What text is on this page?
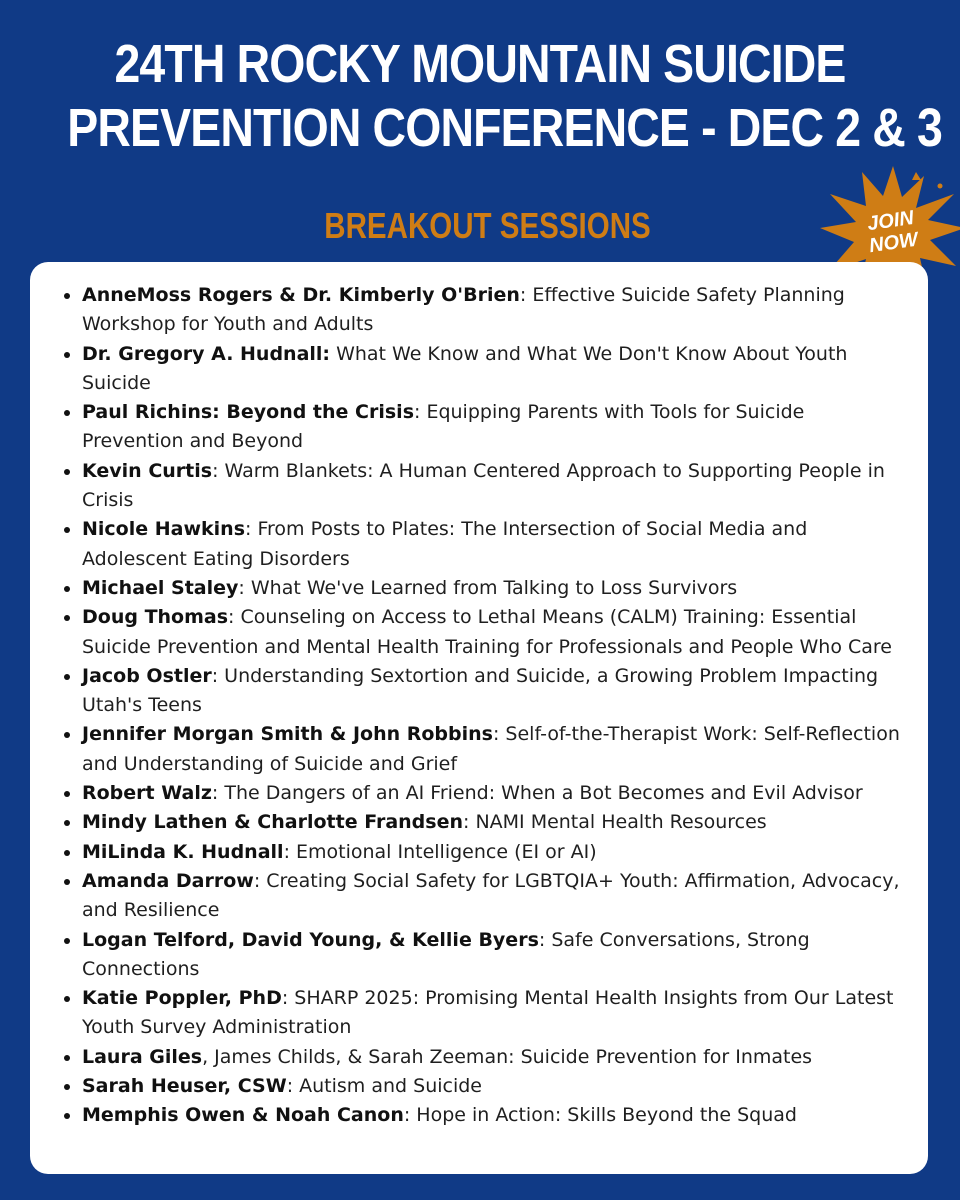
24TH ROCKY MOUNTAIN SUICIDE
PREVENTION CONFERENCE - DEC 2 & 3
BREAKOUT SESSIONS	JOIN
NOW
AnneMoss Rogers & Dr. Kimberly O'Brien: Effective Suicide Safety Planning Workshop for Youth and Adults
Dr. Gregory A. Hudnall: What We Know and What We Don't Know About Youth Suicide
Paul Richins: Beyond the Crisis: Equipping Parents with Tools for Suicide Prevention and Beyond
Kevin Curtis: Warm Blankets: A Human Centered Approach to Supporting People in Crisis
Nicole Hawkins: From Posts to Plates: The Intersection of Social Media and Adolescent Eating Disorders
Michael Staley: What We've Learned from Talking to Loss Survivors
Doug Thomas: Counseling on Access to Lethal Means (CALM) Training: Essential Suicide Prevention and Mental Health Training for Professionals and People Who Care
Jacob Ostler: Understanding Sextortion and Suicide, a Growing Problem Impacting Utah's Teens
Jennifer Morgan Smith & John Robbins: Self-of-the-Therapist Work: Self-Reflection and Understanding of Suicide and Grief
Robert Walz: The Dangers of an AI Friend: When a Bot Becomes and Evil Advisor
Mindy Lathen & Charlotte Frandsen: NAMI Mental Health Resources
MiLinda K. Hudnall: Emotional Intelligence (EI or AI)
Amanda Darrow: Creating Social Safety for LGBTQIA+ Youth: Affirmation, Advocacy, and Resilience
Logan Telford, David Young, & Kellie Byers: Safe Conversations, Strong Connections
Katie Poppler, PhD: SHARP 2025: Promising Mental Health Insights from Our Latest Youth Survey Administration
Laura Giles, James Childs, & Sarah Zeeman: Suicide Prevention for Inmates
Sarah Heuser, CSW: Autism and Suicide
Memphis Owen & Noah Canon: Hope in Action: Skills Beyond the Squad
